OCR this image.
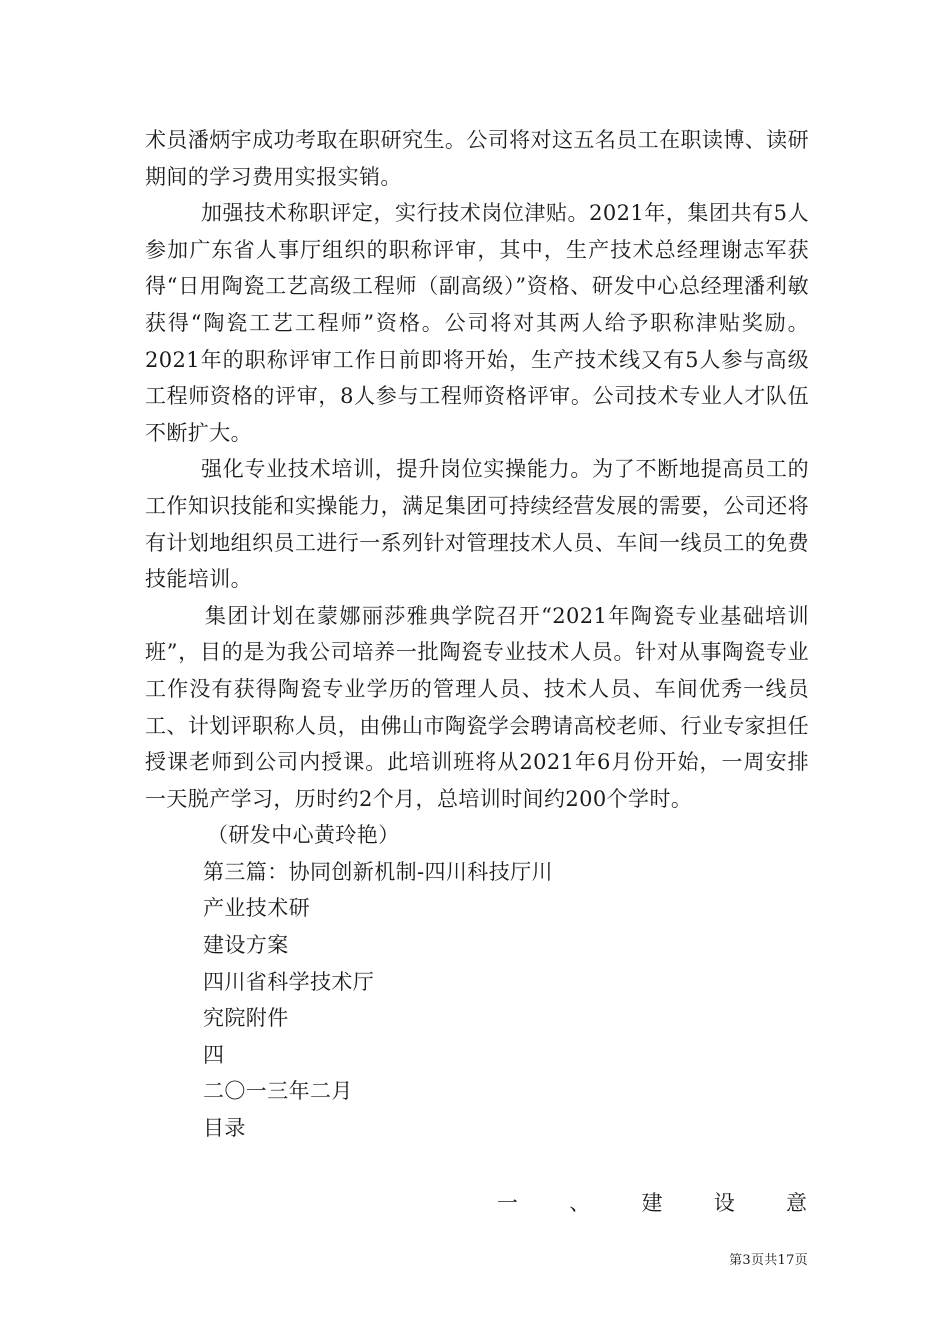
术员潘炳宇成功考取在职研究生。公司将对这五名员工在职读博、读研期间的学习费用实报实销。

加强技术称职评定，实行技术岗位津贴。2021年，集团共有5人参加广东省人事厅组织的职称评审，其中，生产技术总经理谢志军获得“日用陶瓷工艺高级工程师（副高级）”资格、研发中心总经理潘利敏获得“陶瓷工艺工程师”资格。公司将对其两人给予职称津贴奖励。2021年的职称评审工作日前即将开始，生产技术线又有5人参与高级工程师资格的评审，8人参与工程师资格评审。公司技术专业人才队伍不断扩大。

强化专业技术培训，提升岗位实操能力。为了不断地提高员工的工作知识技能和实操能力，满足集团可持续经营发展的需要，公司还将有计划地组织员工进行一系列针对管理技术人员、车间一线员工的免费技能培训。

集团计划在蒙娜丽莎雅典学院召开“2021年陶瓷专业基础培训班”，目的是为我公司培养一批陶瓷专业技术人员。针对从事陶瓷专业工作没有获得陶瓷专业学历的管理人员、技术人员、车间优秀一线员工、计划评职称人员，由佛山市陶瓷学会聘请高校老师、行业专家担任授课老师到公司内授课。此培训班将从2021年6月份开始，一周安排一天脱产学习，历时约2个月，总培训时间约200个学时。

（研发中心黄玲艳）

第三篇：协同创新机制-四川科技厅川

产业技术研

建设方案

四川省科学技术厅

究院附件

四

二〇一三年二月

目录

一 、 建 设 意
第3页共17页
